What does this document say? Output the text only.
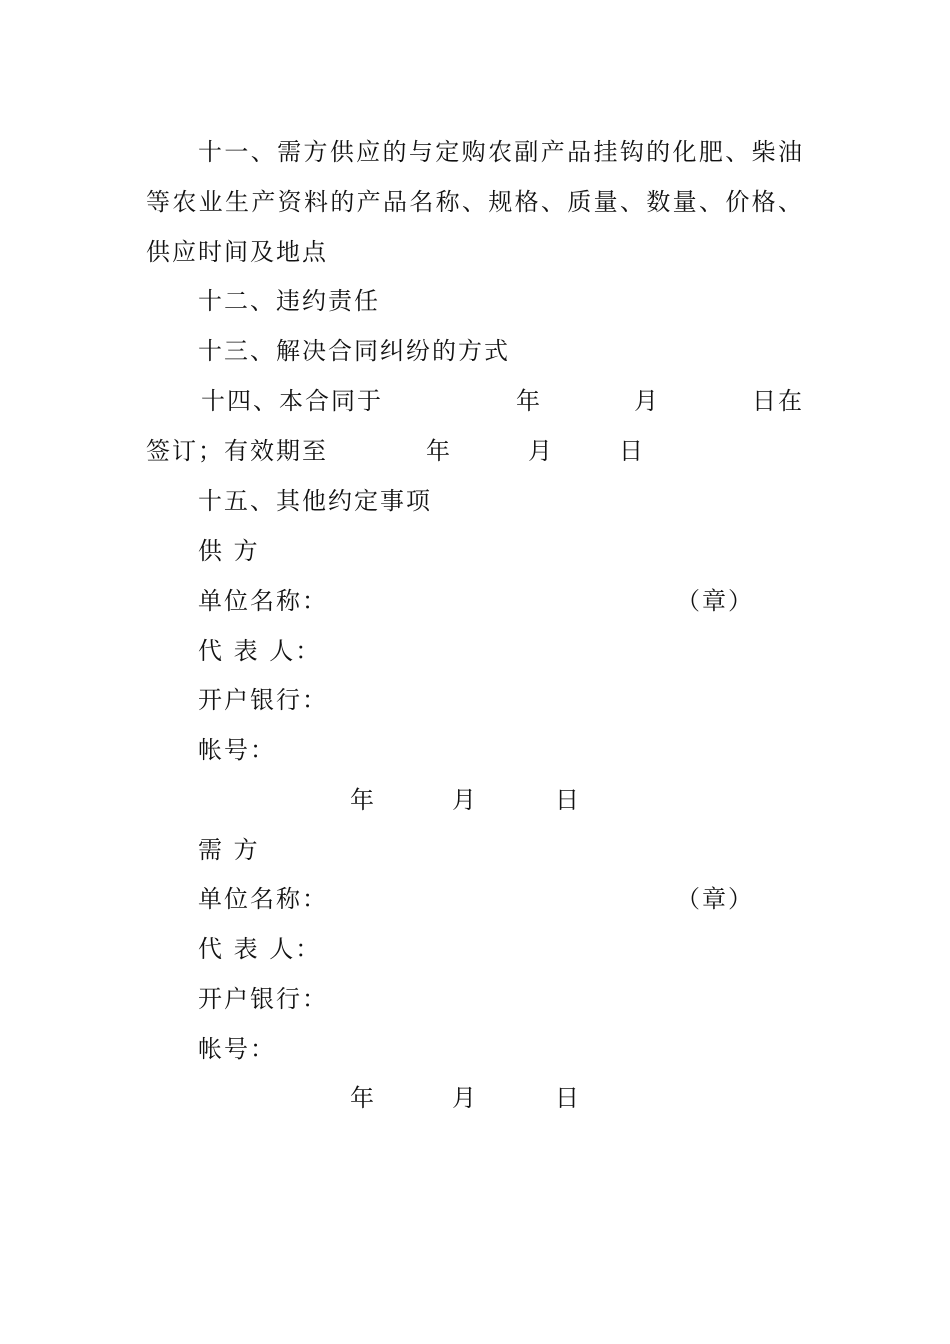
十一、需方供应的与定购农副产品挂钩的化肥、柴油
等农业生产资料的产品名称、规格、质量、数量、价格、
供应时间及地点
十二、违约责任
十三、解决合同纠纷的方式
十四、本合同于	年	月	日在
签订；有效期至	年	月	日
十五、其他约定事项
供 方
单位名称：	（章）
代 表 人：
开户银行：
帐号：
年	月	日
需 方
单位名称：	（章）
代 表 人：
开户银行：
帐号：
年	月	日
